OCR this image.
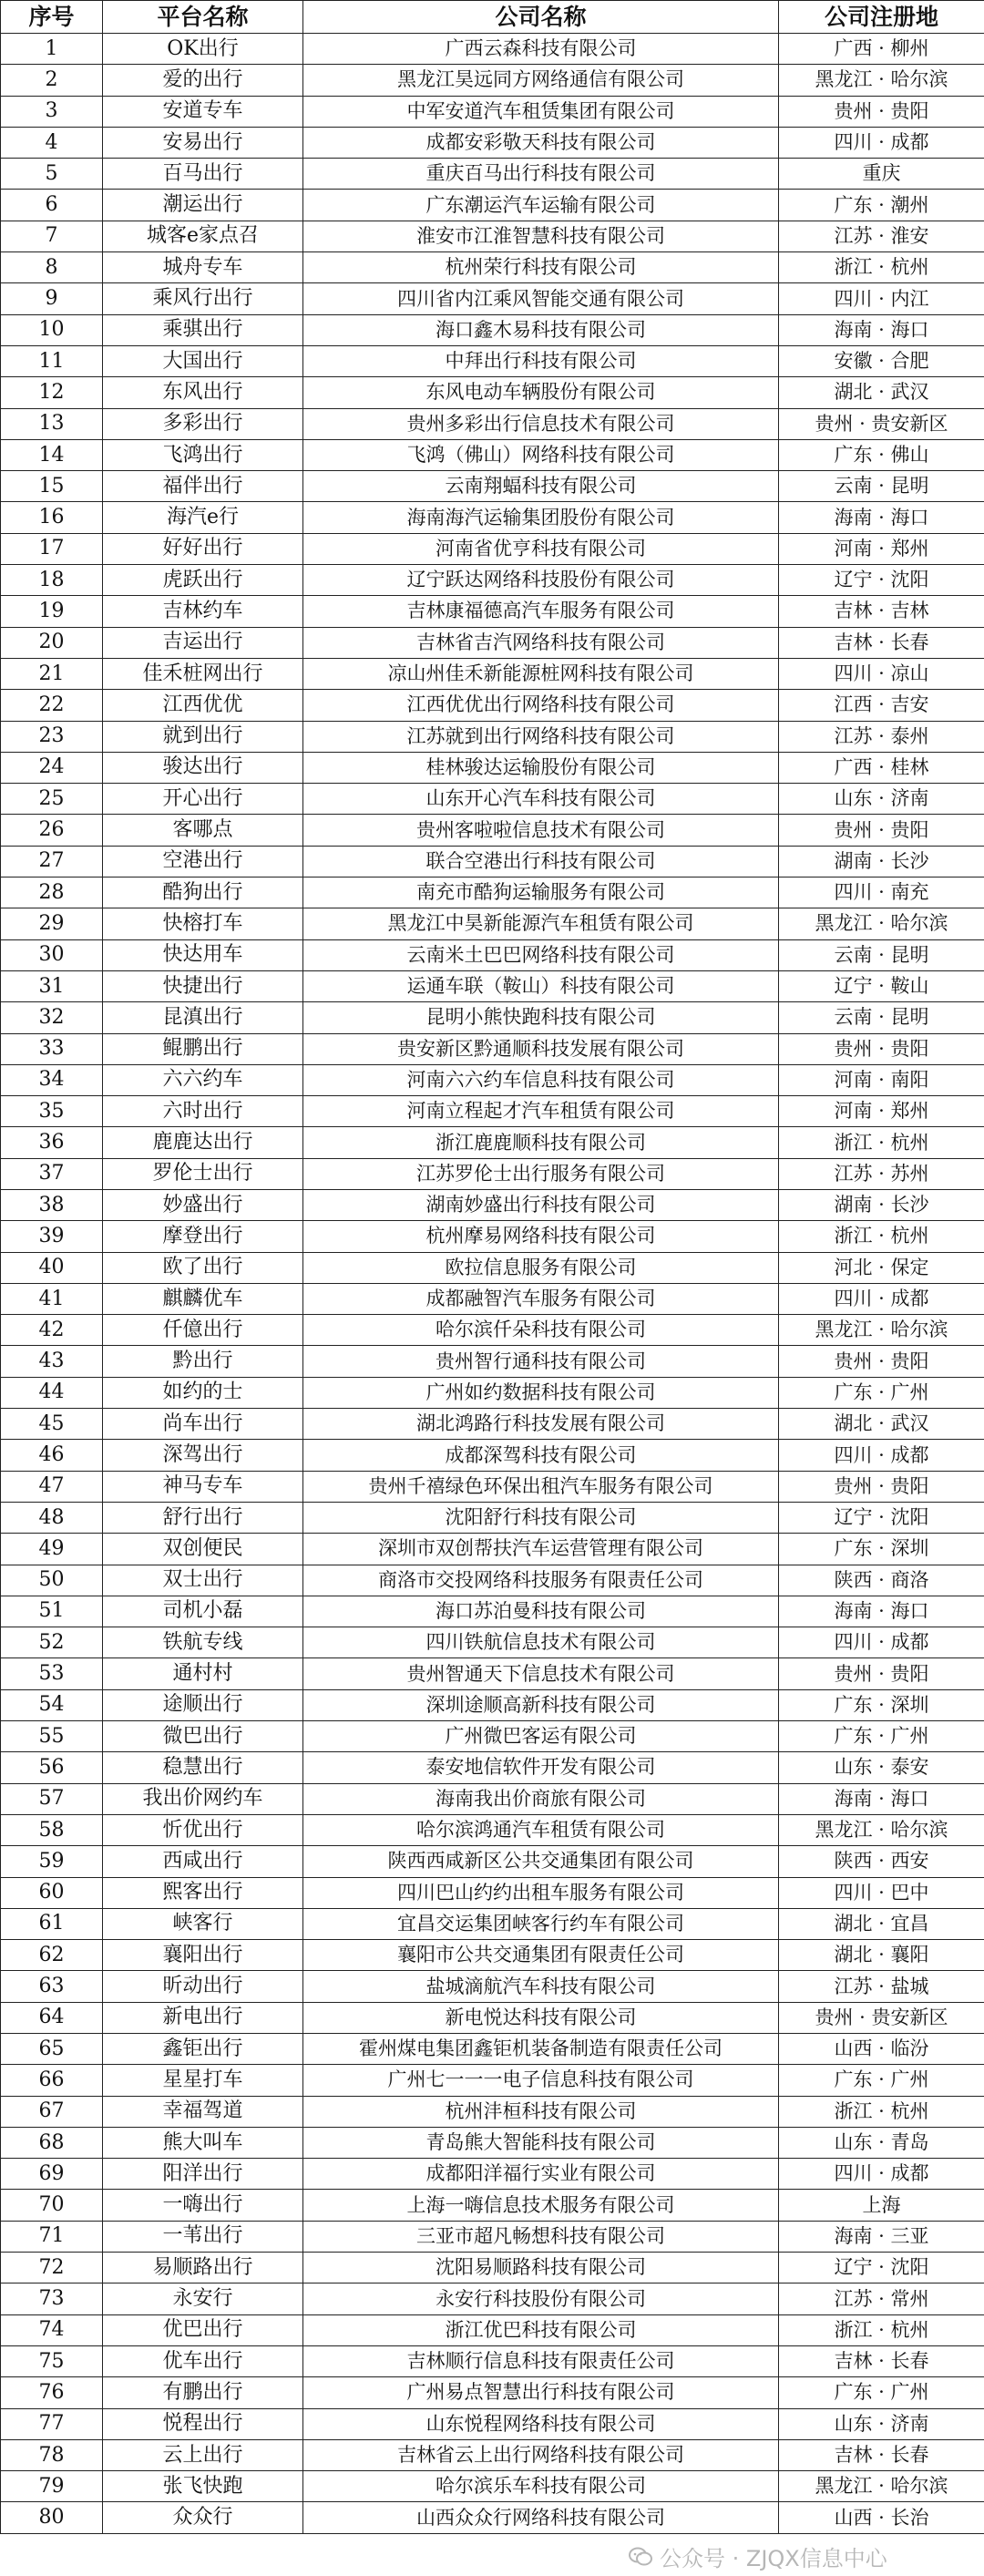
序号	平台名称	公司名称	公司注册地
1	OK出行	广西云森科技有限公司	广西 · 柳州
2	爱的出行	黑龙江昊远同方网络通信有限公司	黑龙江 · 哈尔滨
3	安道专车	中军安道汽车租赁集团有限公司	贵州 · 贵阳
4	安易出行	成都安彩敬天科技有限公司	四川 · 成都
5	百马出行	重庆百马出行科技有限公司	重庆
6	潮运出行	广东潮运汽车运输有限公司	广东 · 潮州
7	城客e家点召	淮安市江淮智慧科技有限公司	江苏 · 淮安
8	城舟专车	杭州荣行科技有限公司	浙江 · 杭州
9	乘风行出行	四川省内江乘风智能交通有限公司	四川 · 内江
10	乘骐出行	海口鑫木易科技有限公司	海南 · 海口
11	大国出行	中拜出行科技有限公司	安徽 · 合肥
12	东风出行	东风电动车辆股份有限公司	湖北 · 武汉
13	多彩出行	贵州多彩出行信息技术有限公司	贵州 · 贵安新区
14	飞鸿出行	飞鸿（佛山）网络科技有限公司	广东 · 佛山
15	福伴出行	云南翔蝠科技有限公司	云南 · 昆明
16	海汽e行	海南海汽运输集团股份有限公司	海南 · 海口
17	好好出行	河南省优亨科技有限公司	河南 · 郑州
18	虎跃出行	辽宁跃达网络科技股份有限公司	辽宁 · 沈阳
19	吉林约车	吉林康福德高汽车服务有限公司	吉林 · 吉林
20	吉运出行	吉林省吉汽网络科技有限公司	吉林 · 长春
21	佳禾桩网出行	凉山州佳禾新能源桩网科技有限公司	四川 · 凉山
22	江西优优	江西优优出行网络科技有限公司	江西 · 吉安
23	就到出行	江苏就到出行网络科技有限公司	江苏 · 泰州
24	骏达出行	桂林骏达运输股份有限公司	广西 · 桂林
25	开心出行	山东开心汽车科技有限公司	山东 · 济南
26	客哪点	贵州客啦啦信息技术有限公司	贵州 · 贵阳
27	空港出行	联合空港出行科技有限公司	湖南 · 长沙
28	酷狗出行	南充市酷狗运输服务有限公司	四川 · 南充
29	快榕打车	黑龙江中昊新能源汽车租赁有限公司	黑龙江 · 哈尔滨
30	快达用车	云南米土巴巴网络科技有限公司	云南 · 昆明
31	快捷出行	运通车联（鞍山）科技有限公司	辽宁 · 鞍山
32	昆滇出行	昆明小熊快跑科技有限公司	云南 · 昆明
33	鲲鹏出行	贵安新区黔通顺科技发展有限公司	贵州 · 贵阳
34	六六约车	河南六六约车信息科技有限公司	河南 · 南阳
35	六时出行	河南立程起才汽车租赁有限公司	河南 · 郑州
36	鹿鹿达出行	浙江鹿鹿顺科技有限公司	浙江 · 杭州
37	罗伦士出行	江苏罗伦士出行服务有限公司	江苏 · 苏州
38	妙盛出行	湖南妙盛出行科技有限公司	湖南 · 长沙
39	摩登出行	杭州摩易网络科技有限公司	浙江 · 杭州
40	欧了出行	欧拉信息服务有限公司	河北 · 保定
41	麒麟优车	成都融智汽车服务有限公司	四川 · 成都
42	仟億出行	哈尔滨仟朵科技有限公司	黑龙江 · 哈尔滨
43	黔出行	贵州智行通科技有限公司	贵州 · 贵阳
44	如约的士	广州如约数据科技有限公司	广东 · 广州
45	尚车出行	湖北鸿路行科技发展有限公司	湖北 · 武汉
46	深驾出行	成都深驾科技有限公司	四川 · 成都
47	神马专车	贵州千禧绿色环保出租汽车服务有限公司	贵州 · 贵阳
48	舒行出行	沈阳舒行科技有限公司	辽宁 · 沈阳
49	双创便民	深圳市双创帮扶汽车运营管理有限公司	广东 · 深圳
50	双士出行	商洛市交投网络科技服务有限责任公司	陕西 · 商洛
51	司机小磊	海口苏泊曼科技有限公司	海南 · 海口
52	铁航专线	四川铁航信息技术有限公司	四川 · 成都
53	通村村	贵州智通天下信息技术有限公司	贵州 · 贵阳
54	途顺出行	深圳途顺高新科技有限公司	广东 · 深圳
55	微巴出行	广州微巴客运有限公司	广东 · 广州
56	稳慧出行	泰安地信软件开发有限公司	山东 · 泰安
57	我出价网约车	海南我出价商旅有限公司	海南 · 海口
58	忻优出行	哈尔滨鸿通汽车租赁有限公司	黑龙江 · 哈尔滨
59	西咸出行	陕西西咸新区公共交通集团有限公司	陕西 · 西安
60	熙客出行	四川巴山约约出租车服务有限公司	四川 · 巴中
61	峡客行	宜昌交运集团峡客行约车有限公司	湖北 · 宜昌
62	襄阳出行	襄阳市公共交通集团有限责任公司	湖北 · 襄阳
63	昕动出行	盐城滴航汽车科技有限公司	江苏 · 盐城
64	新电出行	新电悦达科技有限公司	贵州 · 贵安新区
65	鑫钜出行	霍州煤电集团鑫钜机装备制造有限责任公司	山西 · 临汾
66	星星打车	广州七一一一电子信息科技有限公司	广东 · 广州
67	幸福驾道	杭州沣桓科技有限公司	浙江 · 杭州
68	熊大叫车	青岛熊大智能科技有限公司	山东 · 青岛
69	阳洋出行	成都阳洋福行实业有限公司	四川 · 成都
70	一嗨出行	上海一嗨信息技术服务有限公司	上海
71	一苇出行	三亚市超凡畅想科技有限公司	海南 · 三亚
72	易顺路出行	沈阳易顺路科技有限公司	辽宁 · 沈阳
73	永安行	永安行科技股份有限公司	江苏 · 常州
74	优巴出行	浙江优巴科技有限公司	浙江 · 杭州
75	优车出行	吉林顺行信息科技有限责任公司	吉林 · 长春
76	有鹏出行	广州易点智慧出行科技有限公司	广东 · 广州
77	悦程出行	山东悦程网络科技有限公司	山东 · 济南
78	云上出行	吉林省云上出行网络科技有限公司	吉林 · 长春
79	张飞快跑	哈尔滨乐车科技有限公司	黑龙江 · 哈尔滨
80	众众行	山西众众行网络科技有限公司	山西 · 长治
公众号 · ZJQX信息中心
